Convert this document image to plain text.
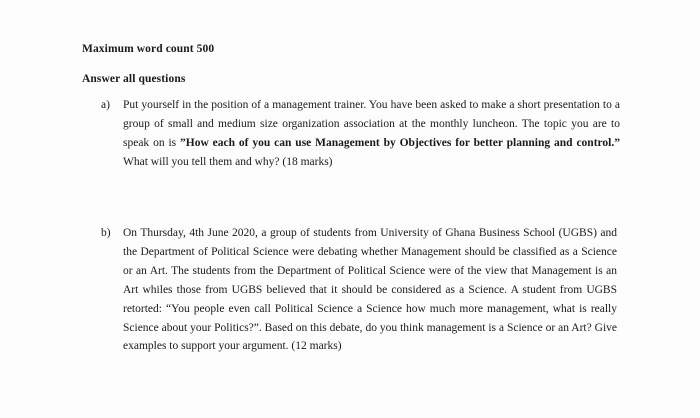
Maximum word count 500
Answer all questions
a) Put yourself in the position of a management trainer. You have been asked to make a short presentation to a group of small and medium size organization association at the monthly luncheon. The topic you are to speak on is ”How each of you can use Management by Objectives for better planning and control.” What will you tell them and why? (18 marks)

b) On Thursday, 4th June 2020, a group of students from University of Ghana Business School (UGBS) and the Department of Political Science were debating whether Management should be classified as a Science or an Art. The students from the Department of Political Science were of the view that Management is an Art whiles those from UGBS believed that it should be considered as a Science. A student from UGBS retorted: “You people even call Political Science a Science how much more management, what is really Science about your Politics?”. Based on this debate, do you think management is a Science or an Art? Give examples to support your argument. (12 marks)
